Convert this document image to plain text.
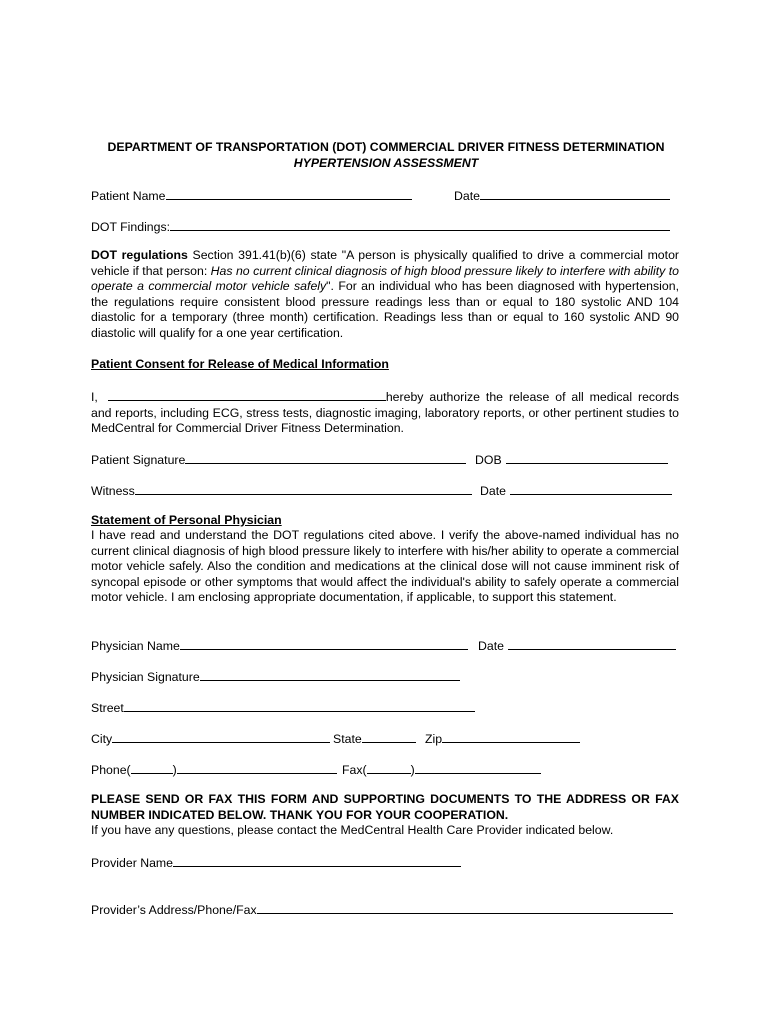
DEPARTMENT OF TRANSPORTATION (DOT) COMMERCIAL DRIVER FITNESS DETERMINATION
HYPERTENSION ASSESSMENT
Patient Name	Date
DOT Findings:
DOT regulations Section 391.41(b)(6) state "A person is physically qualified to drive a commercial motor vehicle if that person: Has no current clinical diagnosis of high blood pressure likely to interfere with ability to operate a commercial motor vehicle safely". For an individual who has been diagnosed with hypertension, the regulations require consistent blood pressure readings less than or equal to 180 systolic AND 104 diastolic for a temporary (three month) certification. Readings less than or equal to 160 systolic AND 90 diastolic will qualify for a one year certification.
Patient Consent for Release of Medical Information
I,	hereby authorize the release of all medical records and reports, including ECG, stress tests, diagnostic imaging, laboratory reports, or other pertinent studies to MedCentral for Commercial Driver Fitness Determination.
Patient Signature	DOB
Witness	Date
Statement of Personal Physician
I have read and understand the DOT regulations cited above. I verify the above-named individual has no current clinical diagnosis of high blood pressure likely to interfere with his/her ability to operate a commercial motor vehicle safely. Also the condition and medications at the clinical dose will not cause imminent risk of syncopal episode or other symptoms that would affect the individual's ability to safely operate a commercial motor vehicle. I am enclosing appropriate documentation, if applicable, to support this statement.
Physician Name	Date
Physician Signature
Street
City	State	Zip
Phone(	)	Fax(	)
PLEASE SEND OR FAX THIS FORM AND SUPPORTING DOCUMENTS TO THE ADDRESS OR FAX NUMBER INDICATED BELOW. THANK YOU FOR YOUR COOPERATION.
If you have any questions, please contact the MedCentral Health Care Provider indicated below.
Provider Name
Provider’s Address/Phone/Fax
